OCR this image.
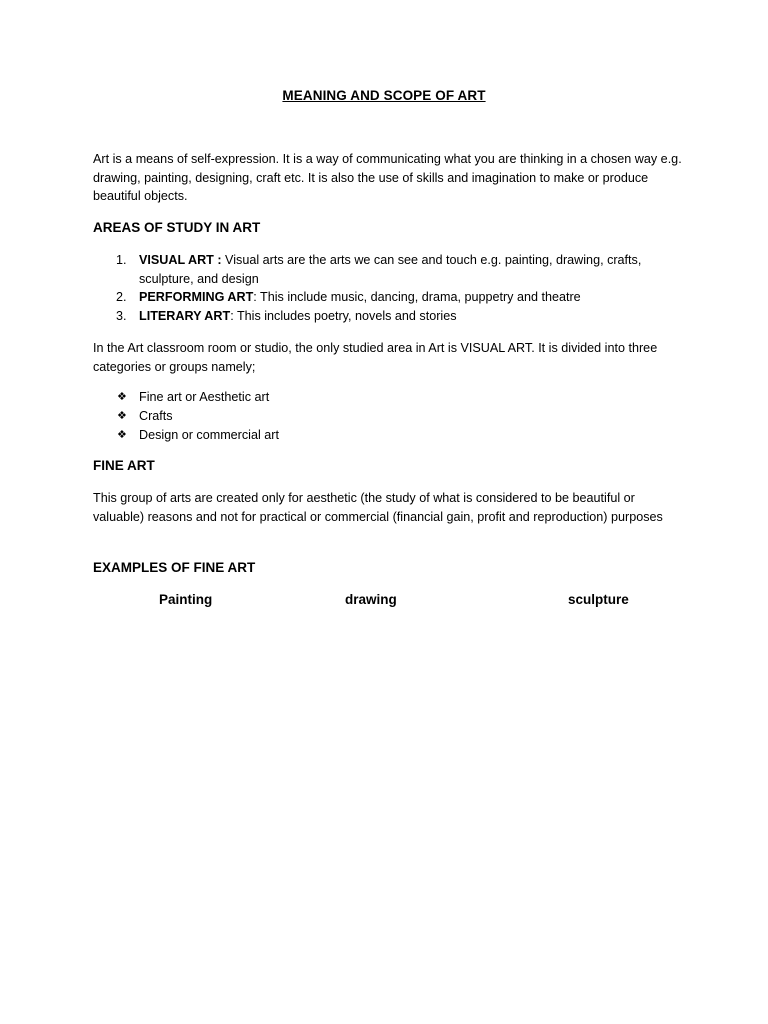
MEANING AND SCOPE OF ART
Art is a means of self-expression. It is a way of communicating what you are thinking in a chosen way e.g. drawing, painting, designing, craft etc. It is also the use of skills and imagination to make or produce beautiful objects.
AREAS OF STUDY IN ART
1. VISUAL ART : Visual arts are the arts we can see and touch e.g. painting, drawing, crafts, sculpture, and design
2. PERFORMING ART: This include music, dancing, drama, puppetry and theatre
3. LITERARY ART: This includes poetry, novels and stories
In the Art classroom room or studio, the only studied area in Art is VISUAL ART. It is divided into three categories or groups namely;
❖ Fine art or Aesthetic art
❖ Crafts
❖ Design or commercial art
FINE ART
This group of arts are created only for aesthetic (the study of what is considered to be beautiful or valuable) reasons and not for practical or commercial (financial gain, profit and reproduction) purposes
EXAMPLES OF FINE ART
Painting	drawing	sculpture
